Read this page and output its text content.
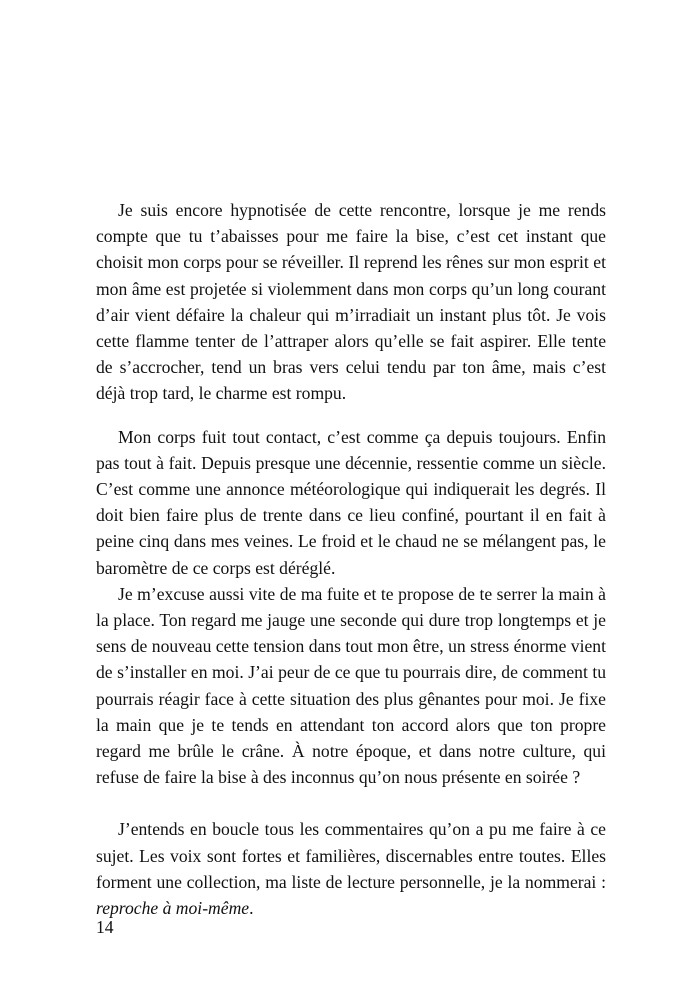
Je suis encore hypnotisée de cette rencontre, lorsque je me rends compte que tu t’abaisses pour me faire la bise, c’est cet instant que choisit mon corps pour se réveiller. Il reprend les rênes sur mon esprit et mon âme est projetée si violemment dans mon corps qu’un long courant d’air vient défaire la chaleur qui m’irradiait un instant plus tôt. Je vois cette flamme tenter de l’attraper alors qu’elle se fait aspirer. Elle tente de s’accrocher, tend un bras vers celui tendu par ton âme, mais c’est déjà trop tard, le charme est rompu.

Mon corps fuit tout contact, c’est comme ça depuis toujours. Enfin pas tout à fait. Depuis presque une décennie, ressentie comme un siècle. C’est comme une annonce météorologique qui indiquerait les degrés. Il doit bien faire plus de trente dans ce lieu confiné, pourtant il en fait à peine cinq dans mes veines. Le froid et le chaud ne se mélangent pas, le baromètre de ce corps est déréglé.

Je m’excuse aussi vite de ma fuite et te propose de te serrer la main à la place. Ton regard me jauge une seconde qui dure trop longtemps et je sens de nouveau cette tension dans tout mon être, un stress énorme vient de s’installer en moi. J’ai peur de ce que tu pourrais dire, de comment tu pourrais réagir face à cette situation des plus gênantes pour moi. Je fixe la main que je te tends en attendant ton accord alors que ton propre regard me brûle le crâne. À notre époque, et dans notre culture, qui refuse de faire la bise à des inconnus qu’on nous présente en soirée ?

J’entends en boucle tous les commentaires qu’on a pu me faire à ce sujet. Les voix sont fortes et familières, discernables entre toutes. Elles forment une collection, ma liste de lecture personnelle, je la nommerai : reproche à moi-même.

14
